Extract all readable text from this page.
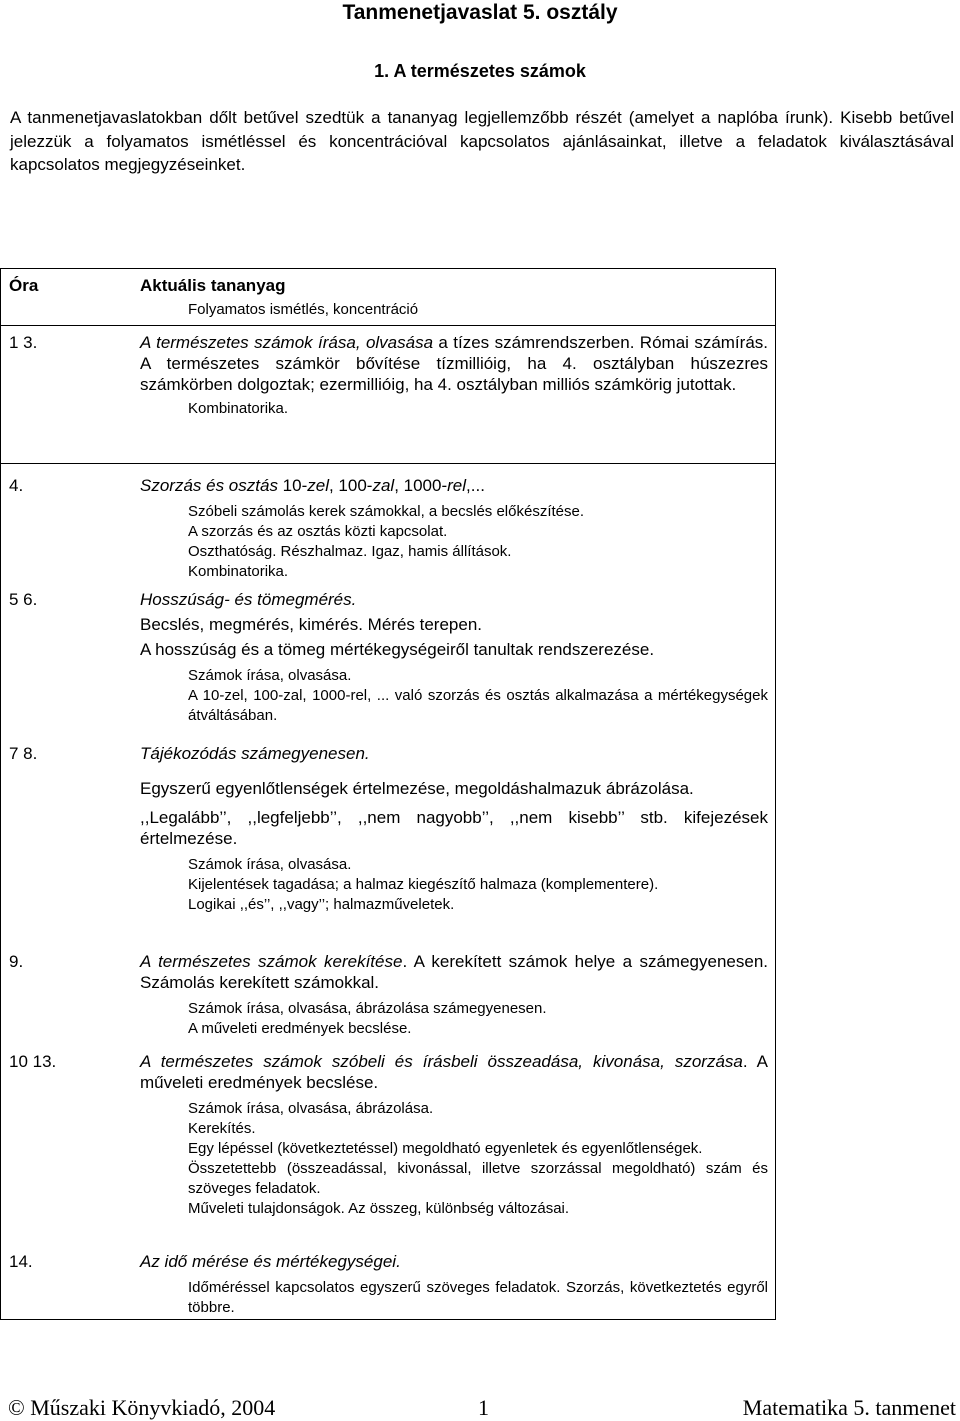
Tanmenetjavaslat 5. osztály
1. A természetes számok
A tanmenetjavaslatokban dőlt betűvel szedtük a tananyag legjellemzőbb részét (amelyet a naplóba írunk). Kisebb betűvel jelezzük a folyamatos ismétléssel és koncentrációval kapcsolatos ajánlásainkat, illetve a feladatok kiválasztásával kapcsolatos megjegyzéseinket.
Óra	Aktuális tananyag
Folyamatos ismétlés, koncentráció
1 3.	A természetes számok írása, olvasása a tízes számrendszerben. Római számírás. A természetes számkör bővítése tízmillióig, ha 4. osztályban húszezres számkörben dolgoztak; ezermillióig, ha 4. osztályban milliós számkörig jutottak.
Kombinatorika.
4.	Szorzás és osztás 10-zel, 100-zal, 1000-rel,...
Szóbeli számolás kerek számokkal, a becslés előkészítése.
A szorzás és az osztás közti kapcsolat.
Oszthatóság. Részhalmaz. Igaz, hamis állítások.
Kombinatorika.
5 6.	Hosszúság- és tömegmérés.
Becslés, megmérés, kimérés. Mérés terepen.
A hosszúság és a tömeg mértékegységeiről tanultak rendszerezése.
Számok írása, olvasása.
A 10-zel, 100-zal, 1000-rel, ... való szorzás és osztás alkalmazása a mértékegységek átváltásában.
7 8.	Tájékozódás számegyenesen.
Egyszerű egyenlőtlenségek értelmezése, megoldáshalmazuk ábrázolása.
,,Legalább’’, ,,legfeljebb’’, ,,nem nagyobb’’, ,,nem kisebb’’ stb. kifejezések értelmezése.
Számok írása, olvasása.
Kijelentések tagadása; a halmaz kiegészítő halmaza (komplementere).
Logikai ,,és’’, ,,vagy’’; halmazműveletek.
9.	A természetes számok kerekítése. A kerekített számok helye a számegyenesen. Számolás kerekített számokkal.
Számok írása, olvasása, ábrázolása számegyenesen.
A műveleti eredmények becslése.
10 13.	A természetes számok szóbeli és írásbeli összeadása, kivonása, szorzása. A műveleti eredmények becslése.
Számok írása, olvasása, ábrázolása.
Kerekítés.
Egy lépéssel (következtetéssel) megoldható egyenletek és egyenlőtlenségek.
Összetettebb (összeadással, kivonással, illetve szorzással megoldható) szám és szöveges feladatok.
Műveleti tulajdonságok. Az összeg, különbség változásai.
14.	Az idő mérése és mértékegységei.
Időméréssel kapcsolatos egyszerű szöveges feladatok. Szorzás, következtetés egyről többre.
© Műszaki Könyvkiadó, 2004	1	Matematika 5. tanmenet
